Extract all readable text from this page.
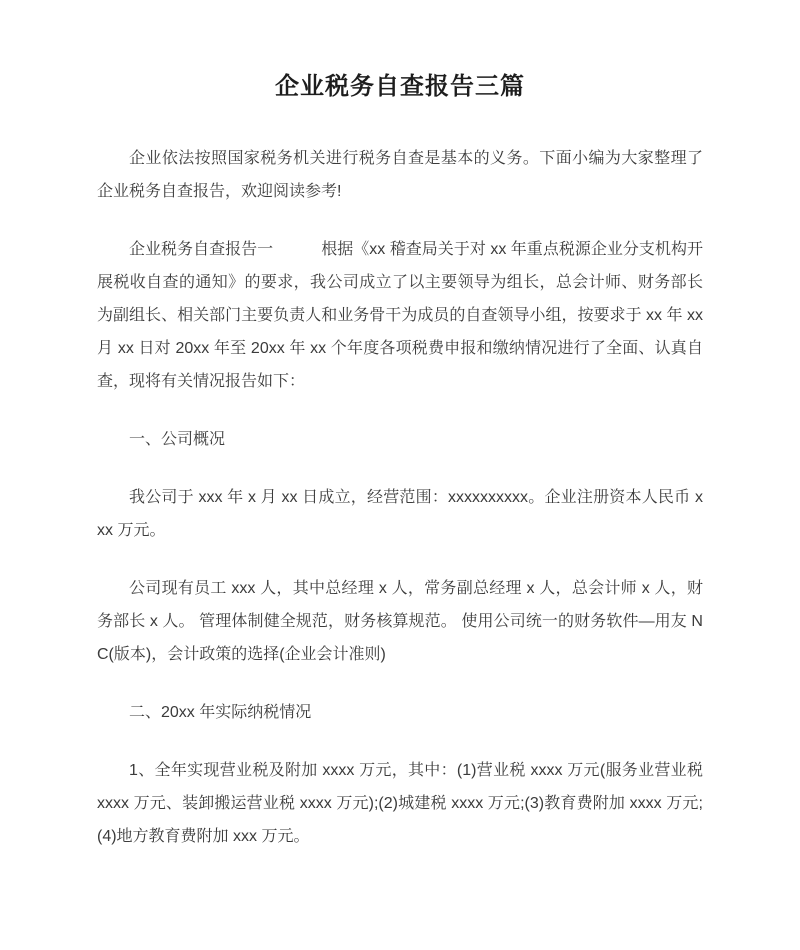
企业税务自查报告三篇

企业依法按照国家税务机关进行税务自查是基本的义务。下面小编为大家整理了企业税务自查报告，欢迎阅读参考!

企业税务自查报告一　　　根据《xx 稽查局关于对 xx 年重点税源企业分支机构开展税收自查的通知》的要求，我公司成立了以主要领导为组长，总会计师、财务部长为副组长、相关部门主要负责人和业务骨干为成员的自查领导小组，按要求于 xx 年 xx 月 xx 日对 20xx 年至 20xx 年 xx 个年度各项税费申报和缴纳情况进行了全面、认真自查，现将有关情况报告如下：

一、公司概况

我公司于 xxx 年 x 月 xx 日成立，经营范围：xxxxxxxxxx。企业注册资本人民币 xxx 万元。

公司现有员工 xxx 人，其中总经理 x 人，常务副总经理 x 人，总会计师 x 人，财务部长 x 人。 管理体制健全规范，财务核算规范。 使用公司统一的财务软件—用友 NC(版本)，会计政策的选择(企业会计准则)

二、20xx 年实际纳税情况

1、全年实现营业税及附加 xxxx 万元，其中：(1)营业税 xxxx 万元(服务业营业税 xxxx 万元、装卸搬运营业税 xxxx 万元);(2)城建税 xxxx 万元;(3)教育费附加 xxxx 万元;(4)地方教育费附加 xxx 万元。
